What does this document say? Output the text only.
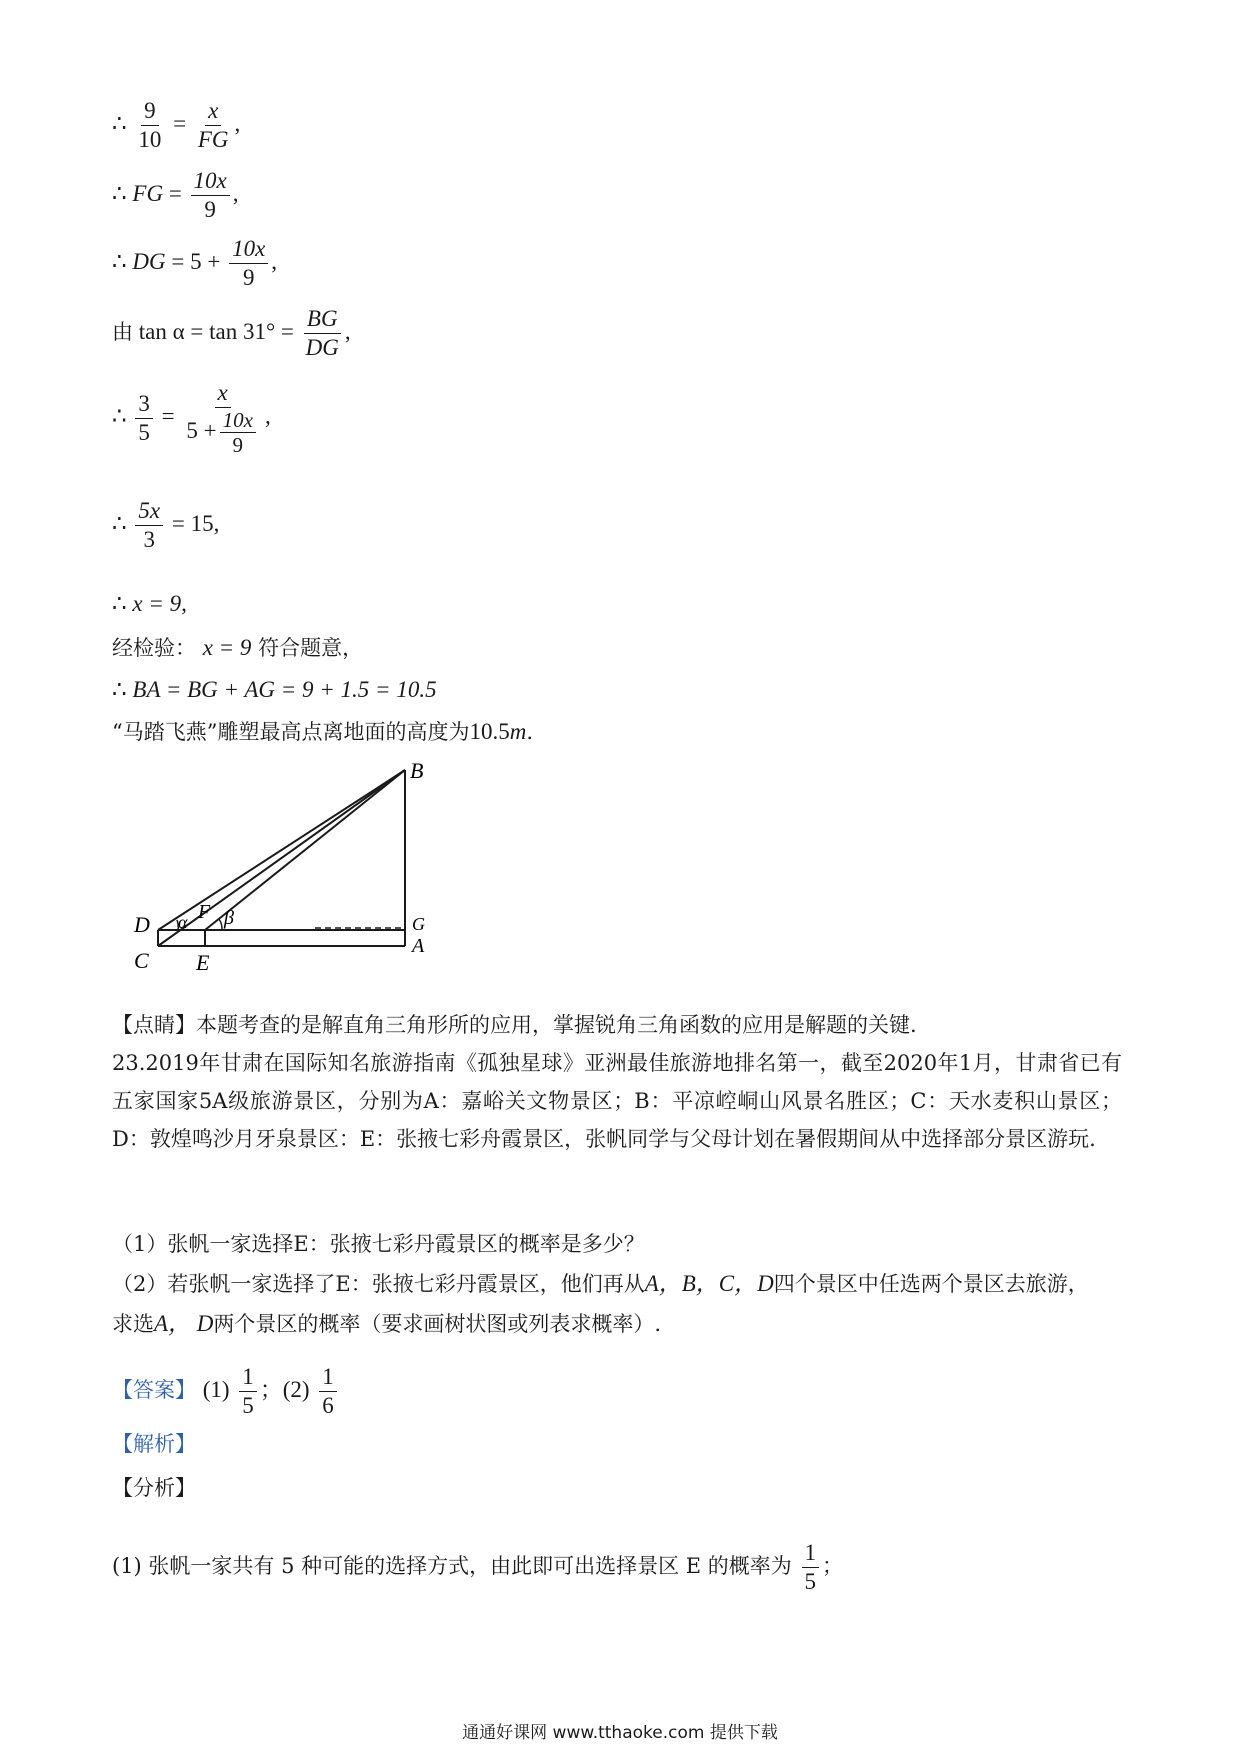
∴ $\frac{9}{10} = \frac{x}{FG}$ ,
∴ FG = $\frac{10x}{9}$ ,
∴ DG = $5 + \frac{10x}{9}$ ,
由 $\tan \alpha = \tan 31^\circ = \frac{BG}{DG}$ ,
∴ $\frac{3}{5} = \frac{x}{5 + \frac{10x}{9}}$ ,
∴ $\frac{5x}{3} = 15$,
∴ x = 9,
经检验： x = 9 符合题意，
∴ BA = BG + AG = 9 + 1.5 = 10.5
“马踏飞燕”雕塑最高点离地面的高度为10.5m.
B
D
C E
F
G
A
α β
【点睛】本题考查的是解直角三角形所的应用，掌握锐角三角函数的应用是解题的关键.
23.2019年甘肃在国际知名旅游指南《孤独星球》亚洲最佳旅游地排名第一，截至2020年1月，甘肃省已有五家国家5A级旅游景区，分别为A：嘉峪关文物景区；B：平凉崆峒山风景名胜区；C：天水麦积山景区；D：敦煌鸣沙月牙泉景区：E：张掖七彩舟霞景区，张帆同学与父母计划在暑假期间从中选择部分景区游玩.
（1）张帆一家选择E：张掖七彩丹霞景区的概率是多少？
（2）若张帆一家选择了E：张掖七彩丹霞景区，他们再从A，B，C，D四个景区中任选两个景区去旅游，
求选A， D两个景区的概率（要求画树状图或列表求概率）.
【答案】 $(1) \frac{1}{5}$ ；$(2) \frac{1}{6}$
【解析】
【分析】
(1) 张帆一家共有 5 种可能的选择方式，由此即可出选择景区 E 的概率为 $\frac{1}{5}$ ；
通通好课网 www.tthaoke.com 提供下载
